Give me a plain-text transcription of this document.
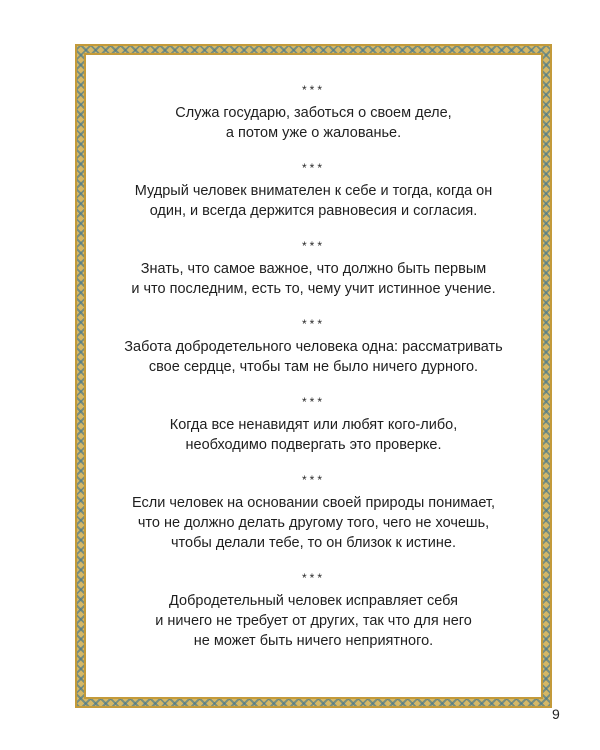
***
Служа государю, заботься о своем деле,
а потом уже о жалованье.
***
Мудрый человек внимателен к себе и тогда, когда он
один, и всегда держится равновесия и согласия.
***
Знать, что самое важное, что должно быть первым
и что последним, есть то, чему учит истинное учение.
***
Забота добродетельного человека одна: рассматривать
свое сердце, чтобы там не было ничего дурного.
***
Когда все ненавидят или любят кого-либо,
необходимо подвергать это проверке.
***
Если человек на основании своей природы понимает,
что не должно делать другому того, чего не хочешь,
чтобы делали тебе, то он близок к истине.
***
Добродетельный человек исправляет себя
и ничего не требует от других, так что для него
не может быть ничего неприятного.
9
